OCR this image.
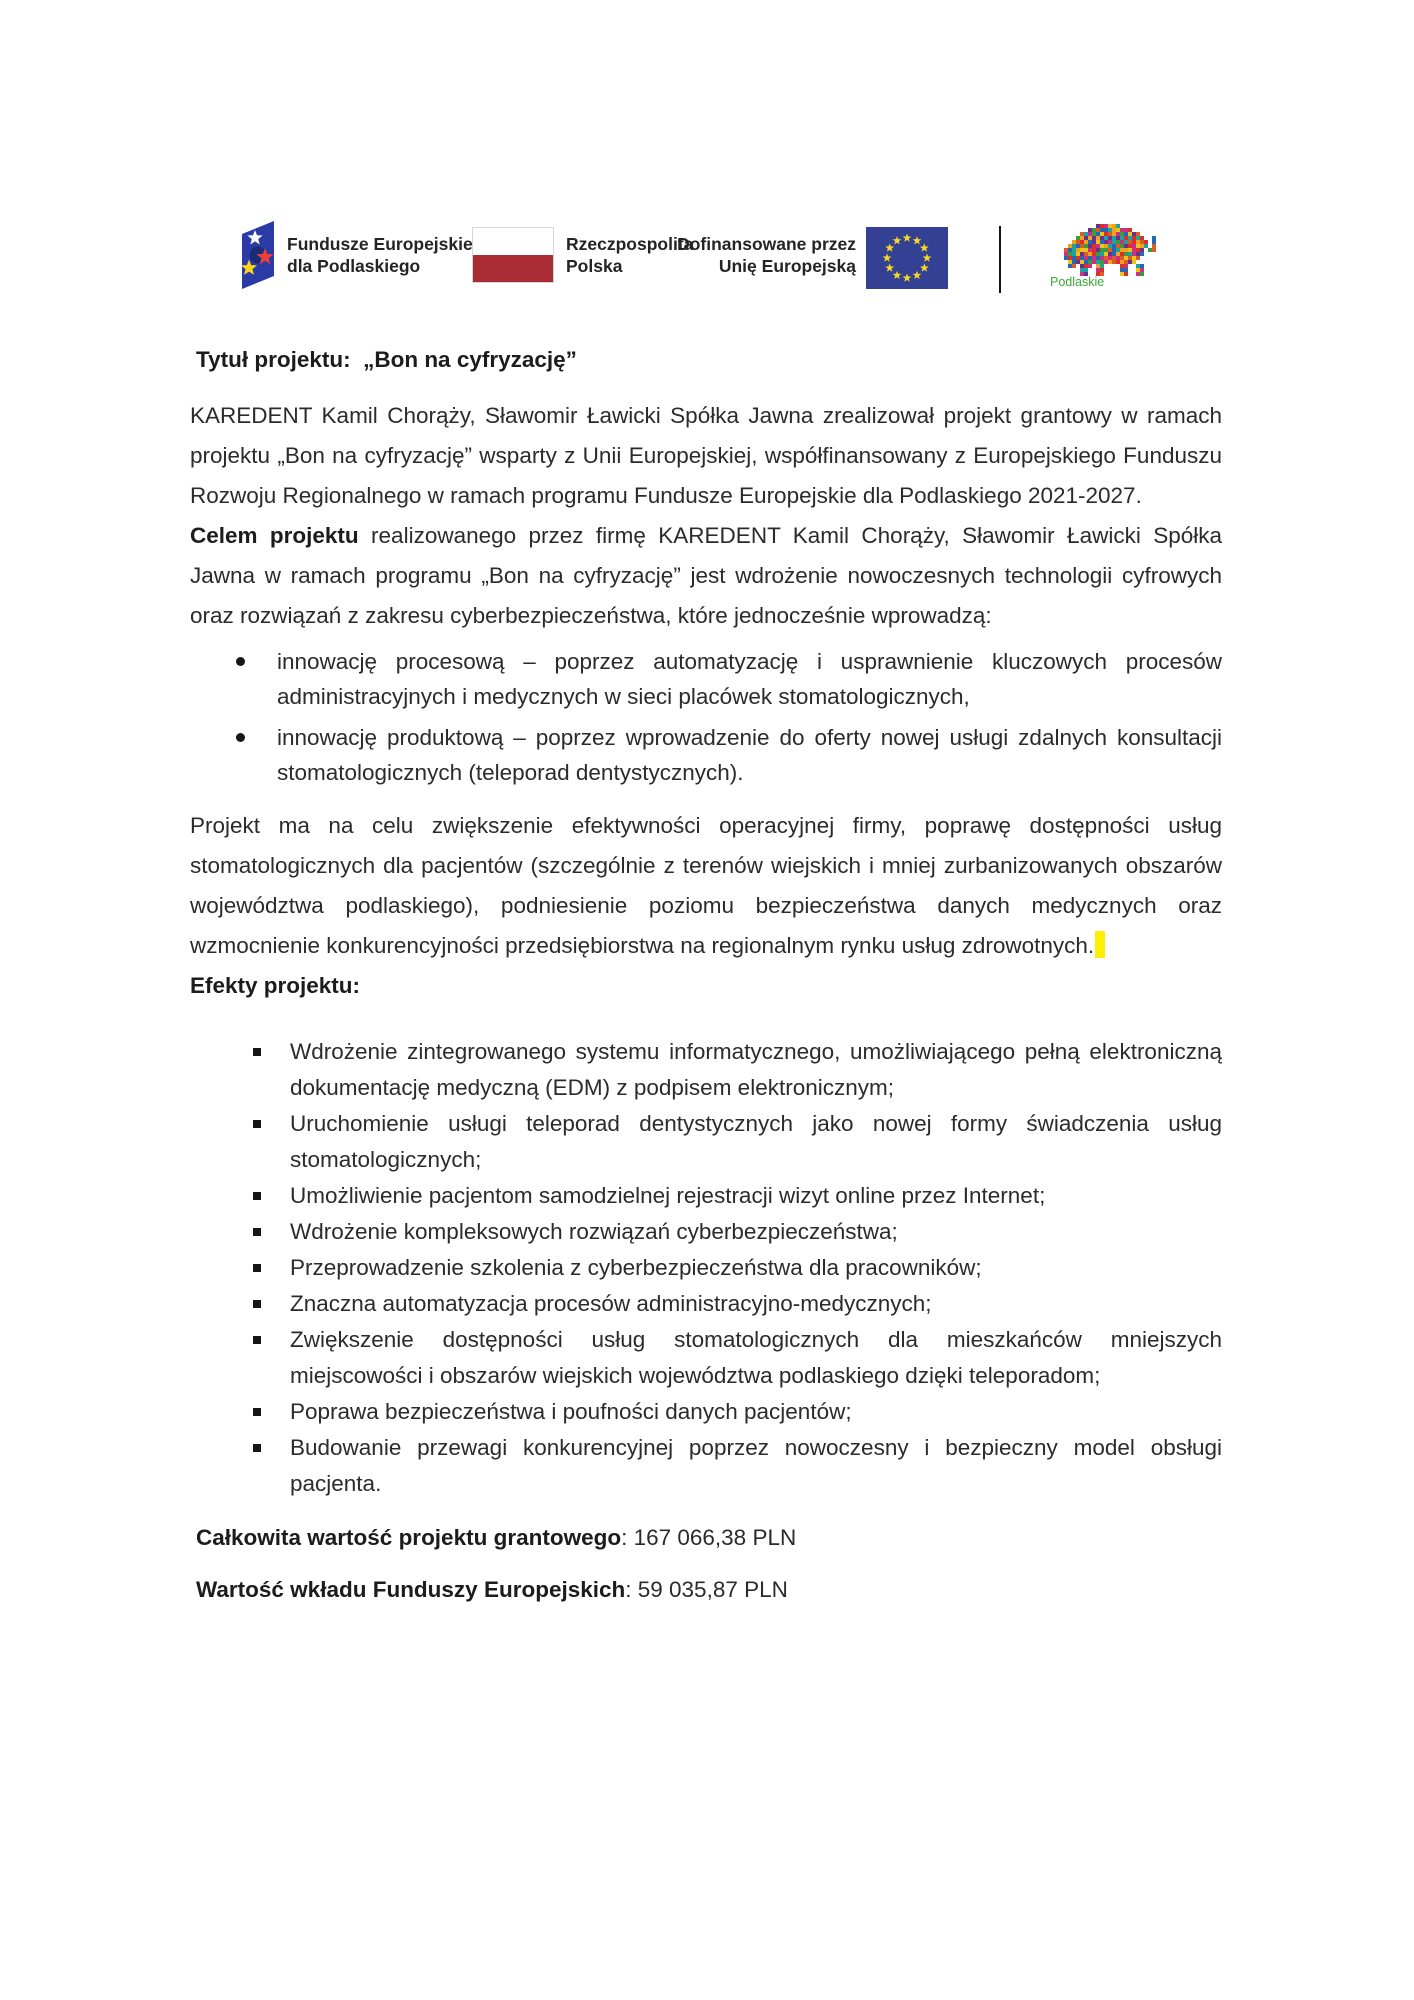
Fundusze Europejskie
dla Podlaskiego
Rzeczpospolita
Polska
Dofinansowane przez
Unię Europejską
Podlaskie
Tytuł projektu:  „Bon na cyfryzację”

KAREDENT Kamil Chorąży, Sławomir Ławicki Spółka Jawna zrealizował projekt grantowy w ramach projektu „Bon na cyfryzację” wsparty z Unii Europejskiej, współfinansowany z Europejskiego Funduszu Rozwoju Regionalnego w ramach programu Fundusze Europejskie dla Podlaskiego 2021-2027.

Celem projektu realizowanego przez firmę KAREDENT Kamil Chorąży, Sławomir Ławicki Spółka Jawna w ramach programu „Bon na cyfryzację” jest wdrożenie nowoczesnych technologii cyfrowych oraz rozwiązań z zakresu cyberbezpieczeństwa, które jednocześnie wprowadzą:

innowację procesową – poprzez automatyzację i usprawnienie kluczowych procesów administracyjnych i medycznych w sieci placówek stomatologicznych,
innowację produktową – poprzez wprowadzenie do oferty nowej usługi zdalnych konsultacji stomatologicznych (teleporad dentystycznych).

Projekt ma na celu zwiększenie efektywności operacyjnej firmy, poprawę dostępności usług stomatologicznych dla pacjentów (szczególnie z terenów wiejskich i mniej zurbanizowanych obszarów województwa podlaskiego), podniesienie poziomu bezpieczeństwa danych medycznych oraz wzmocnienie konkurencyjności przedsiębiorstwa na regionalnym rynku usług zdrowotnych.

Efekty projektu:
Wdrożenie zintegrowanego systemu informatycznego, umożliwiającego pełną elektroniczną dokumentację medyczną (EDM) z podpisem elektronicznym;
Uruchomienie usługi teleporad dentystycznych jako nowej formy świadczenia usług stomatologicznych;
Umożliwienie pacjentom samodzielnej rejestracji wizyt online przez Internet;
Wdrożenie kompleksowych rozwiązań cyberbezpieczeństwa;
Przeprowadzenie szkolenia z cyberbezpieczeństwa dla pracowników;
Znaczna automatyzacja procesów administracyjno-medycznych;
Zwiększenie dostępności usług stomatologicznych dla mieszkańców mniejszych miejscowości i obszarów wiejskich województwa podlaskiego dzięki teleporadom;
Poprawa bezpieczeństwa i poufności danych pacjentów;
Budowanie przewagi konkurencyjnej poprzez nowoczesny i bezpieczny model obsługi pacjenta.

Całkowita wartość projektu grantowego: 167 066,38 PLN

Wartość wkładu Funduszy Europejskich: 59 035,87 PLN
